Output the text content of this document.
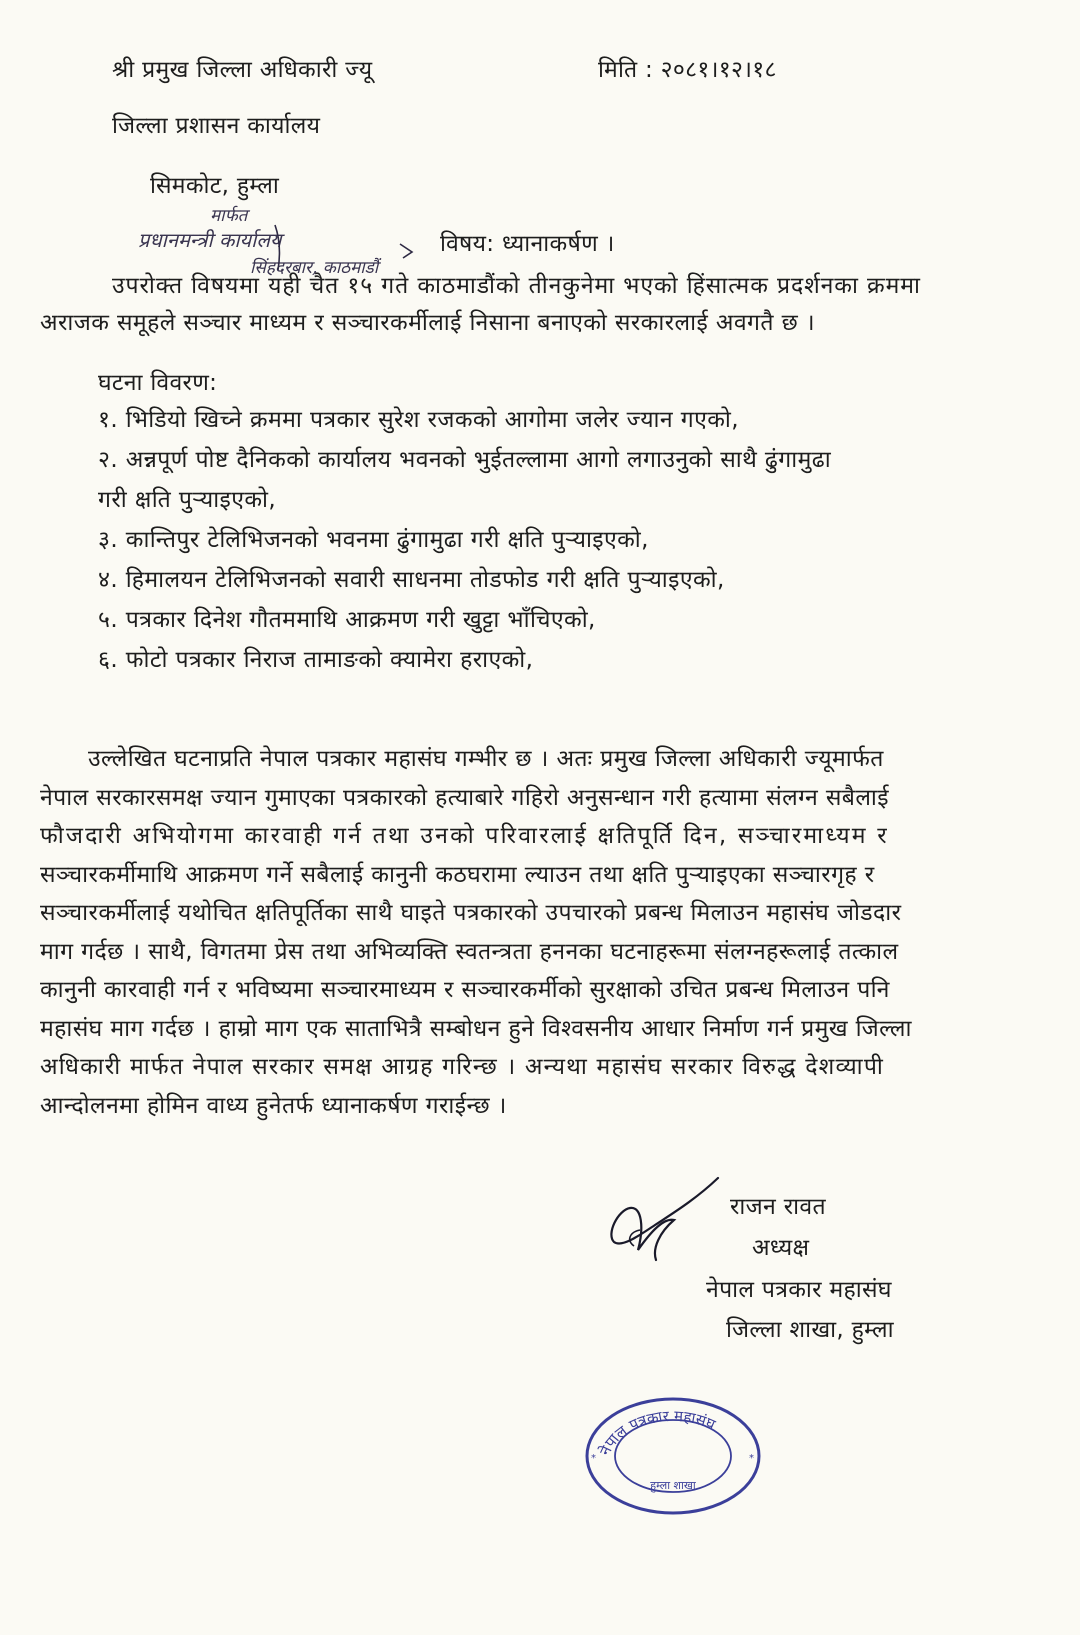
श्री प्रमुख जिल्ला अधिकारी ज्यू	मिति : २०८१।१२।१८
जिल्ला प्रशासन कार्यालय
सिमकोट, हुम्ला
मार्फत
प्रधानमन्त्री कार्यालय
सिंहदरबार, काठमाडौं
विषय: ध्यानाकर्षण ।
उपरोक्त विषयमा यही चैत १५ गते काठमाडौंको तीनकुनेमा भएको हिंसात्मक प्रदर्शनका क्रममा
अराजक समूहले सञ्चार माध्यम र सञ्चारकर्मीलाई निसाना बनाएको सरकारलाई अवगतै छ ।
घटना विवरण:
१. भिडियो खिच्ने क्रममा पत्रकार सुरेश रजकको आगोमा जलेर ज्यान गएको,
२. अन्नपूर्ण पोष्ट दैनिकको कार्यालय भवनको भुईतल्लामा आगो लगाउनुको साथै ढुंगामुढा
गरी क्षति पुऱ्याइएको,
३. कान्तिपुर टेलिभिजनको भवनमा ढुंगामुढा गरी क्षति पुऱ्याइएको,
४. हिमालयन टेलिभिजनको सवारी साधनमा तोडफोड गरी क्षति पुऱ्याइएको,
५. पत्रकार दिनेश गौतममाथि आक्रमण गरी खुट्टा भाँचिएको,
६. फोटो पत्रकार निराज तामाङको क्यामेरा हराएको,
उल्लेखित घटनाप्रति नेपाल पत्रकार महासंघ गम्भीर छ । अतः प्रमुख जिल्ला अधिकारी ज्यूमार्फत
नेपाल सरकारसमक्ष ज्यान गुमाएका पत्रकारको हत्याबारे गहिरो अनुसन्धान गरी हत्यामा संलग्न सबैलाई
फौजदारी अभियोगमा कारवाही गर्न तथा उनको परिवारलाई क्षतिपूर्ति दिन, सञ्चारमाध्यम र
सञ्चारकर्मीमाथि आक्रमण गर्ने सबैलाई कानुनी कठघरामा ल्याउन तथा क्षति पुऱ्याइएका सञ्चारगृह र
सञ्चारकर्मीलाई यथोचित क्षतिपूर्तिका साथै घाइते पत्रकारको उपचारको प्रबन्ध मिलाउन महासंघ जोडदार
माग गर्दछ । साथै, विगतमा प्रेस तथा अभिव्यक्ति स्वतन्त्रता हननका घटनाहरूमा संलग्नहरूलाई तत्काल
कानुनी कारवाही गर्न र भविष्यमा सञ्चारमाध्यम र सञ्चारकर्मीको सुरक्षाको उचित प्रबन्ध मिलाउन पनि
महासंघ माग गर्दछ । हाम्रो माग एक साताभित्रै सम्बोधन हुने विश्वसनीय आधार निर्माण गर्न प्रमुख जिल्ला
अधिकारी मार्फत नेपाल सरकार समक्ष आग्रह गरिन्छ । अन्यथा महासंघ सरकार विरुद्ध देशव्यापी
आन्दोलनमा होमिन वाध्य हुनेतर्फ ध्यानाकर्षण गराईन्छ ।
राजन रावत
अध्यक्ष
नेपाल पत्रकार महासंघ
जिल्ला शाखा, हुम्ला
नेपाल पत्रकार महासंघ
हुम्ला शाखा
*	*
